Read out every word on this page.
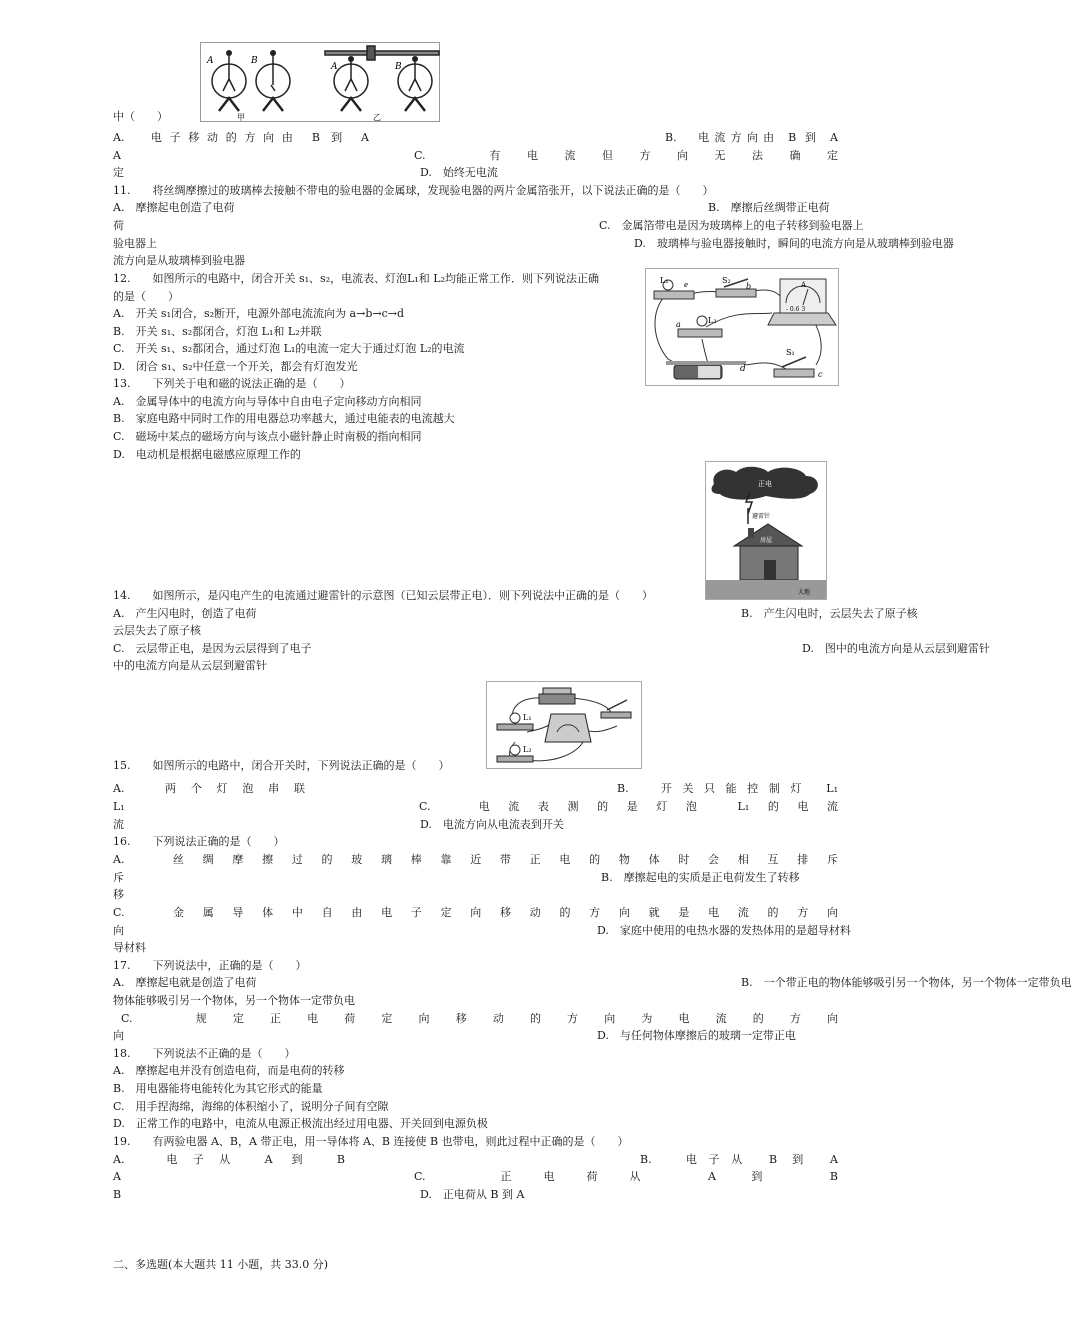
A	B
A	B
甲	乙
中（　　）
A.　电子移动的方向由 B 到 A	B.　电流方向由 B 到 A
A	C.　有电流但方向无法确定
定	D.　始终无电流
11.　　将丝绸摩擦过的玻璃棒去接触不带电的验电器的金属球，发现验电器的两片金属箔张开，以下说法正确的是（　　）
A.　摩擦起电创造了电荷	B.　摩擦后丝绸带正电荷
荷	C.　金属箔带电是因为玻璃棒上的电子转移到验电器上
验电器上	D.　玻璃棒与验电器接触时，瞬间的电流方向是从玻璃棒到验电器
流方向是从玻璃棒到验电器
12.　　如图所示的电路中，闭合开关 s₁、s₂，电流表、灯泡L₁和 L₂均能正常工作．则下列说法正确
的是（　　）
A.　开关 s₁闭合，s₂断开，电源外部电流流向为 a→b→c→d
B.　开关 s₁、s₂都闭合，灯泡 L₁和 L₂并联
C.　开关 s₁、s₂都闭合，通过灯泡 L₁的电流一定大于通过灯泡 L₂的电流
D.　闭合 s₁、s₂中任意一个开关，都会有灯泡发光
L₁ e	S₂
b	A
- 0.6 3
a	L₂
d
S₁
c
13.　　下列关于电和磁的说法正确的是（　　）
A.　金属导体中的电流方向与导体中自由电子定向移动方向相同
B.　家庭电路中同时工作的用电器总功率越大，通过电能表的电流越大
C.　磁场中某点的磁场方向与该点小磁针静止时南极的指向相同
D.　电动机是根据电磁感应原理工作的
正电
避雷针
房屋
大地
14.　　如图所示，是闪电产生的电流通过避雷针的示意图（已知云层带正电）．则下列说法中正确的是（　　）
A.　产生闪电时，创造了电荷	B.　产生闪电时，云层失去了原子核
云层失去了原子核
C.　云层带正电，是因为云层得到了电子	D.　图中的电流方向是从云层到避雷针
中的电流方向是从云层到避雷针
L₁
L₂
15.　　如图所示的电路中，闭合开关时，下列说法正确的是（　　）
A.　两个灯泡串联	B.　开关只能控制灯 L₁
L₁	C.　电流表测的是灯泡 L₁的电流
流	D.　电流方向从电流表到开关
16.　　下列说法正确的是（　　）
A.　丝绸摩擦过的玻璃棒靠近带正电的物体时会相互排斥
斥	B.　摩擦起电的实质是正电荷发生了转移
移
C.　金属导体中自由电子定向移动的方向就是电流的方向
向	D.　家庭中使用的电热水器的发热体用的是超导材料
导材料
17.　　下列说法中，正确的是（　　）
A.　摩擦起电就是创造了电荷	B.　一个带正电的物体能够吸引另一个物体，另一个物体一定带负电
物体能够吸引另一个物体，另一个物体一定带负电
C.　规定正电荷定向移动的方向为电流的方向
向	D.　与任何物体摩擦后的玻璃一定带正电
18.　　下列说法不正确的是（　　）
A.　摩擦起电并没有创造电荷，而是电荷的转移
B.　用电器能将电能转化为其它形式的能量
C.　用手捏海绵，海绵的体积缩小了，说明分子间有空隙
D.　正常工作的电路中，电流从电源正极流出经过用电器、开关回到电源负极
19.　　有两验电器 A、B，A 带正电，用一导体将 A、B 连接使 B 也带电，则此过程中正确的是（　　）
A.　电子从 A 到 B	B.　电子从 B 到 A
A	C.　正电荷从 A 到 B
B	D.　正电荷从 B 到 A
二、多选题(本大题共 11 小题，共 33.0 分)
